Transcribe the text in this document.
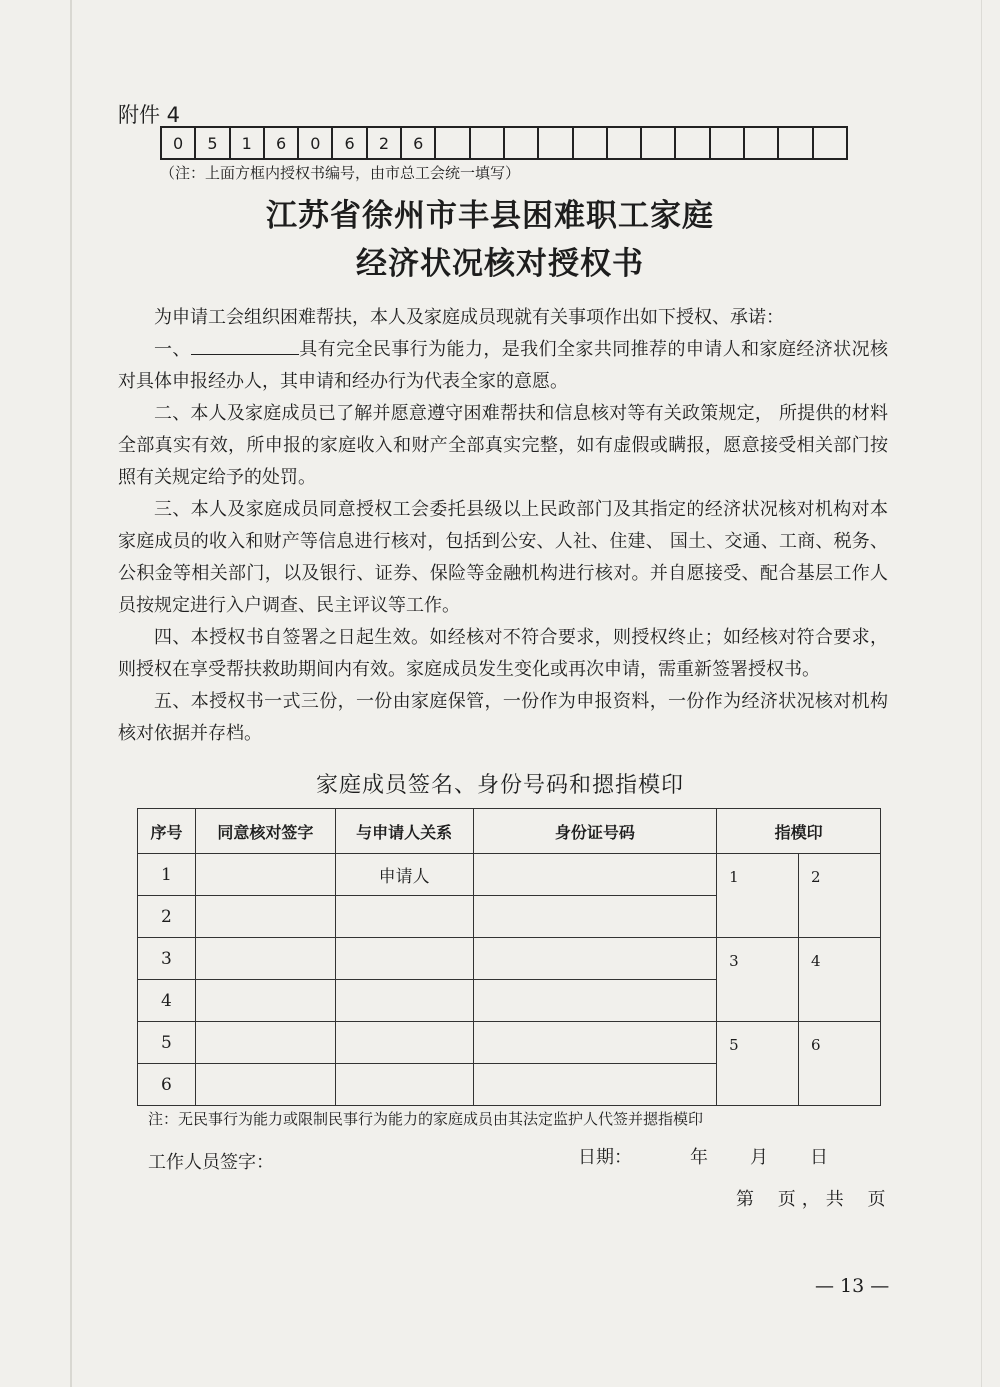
附件 4
0	5	1	6	0	6	2	6
（注：上面方框内授权书编号，由市总工会统一填写）
江苏省徐州市丰县困难职工家庭
经济状况核对授权书

为申请工会组织困难帮扶，本人及家庭成员现就有关事项作出如下授权、承诺：

一、	具有完全民事行为能力，是我们全家共同推荐的申请人和家庭经济状况核对具体申报经办人，其申请和经办行为代表全家的意愿。

二、本人及家庭成员已了解并愿意遵守困难帮扶和信息核对等有关政策规定， 所提供的材料全部真实有效，所申报的家庭收入和财产全部真实完整，如有虚假或瞒报，愿意接受相关部门按照有关规定给予的处罚。

三、本人及家庭成员同意授权工会委托县级以上民政部门及其指定的经济状况核对机构对本家庭成员的收入和财产等信息进行核对，包括到公安、人社、住建、 国土、交通、工商、税务、公积金等相关部门，以及银行、证券、保险等金融机构进行核对。并自愿接受、配合基层工作人员按规定进行入户调查、民主评议等工作。

四、本授权书自签署之日起生效。如经核对不符合要求，则授权终止；如经核对符合要求，则授权在享受帮扶救助期间内有效。家庭成员发生变化或再次申请，需重新签署授权书。

五、本授权书一式三份，一份由家庭保管，一份作为申报资料，一份作为经济状况核对机构核对依据并存档。

家庭成员签名、身份号码和摁指模印
序号	同意核对签字	与申请人关系	身份证号码	指模印	
1		申请人		1	2
2					
3				3	4
4					
5				5	6
6					
注：无民事行为能力或限制民事行为能力的家庭成员由其法定监护人代签并摁指模印
工作人员签字：	日期：	年 月 日
第 页，共 页
— 13 —
